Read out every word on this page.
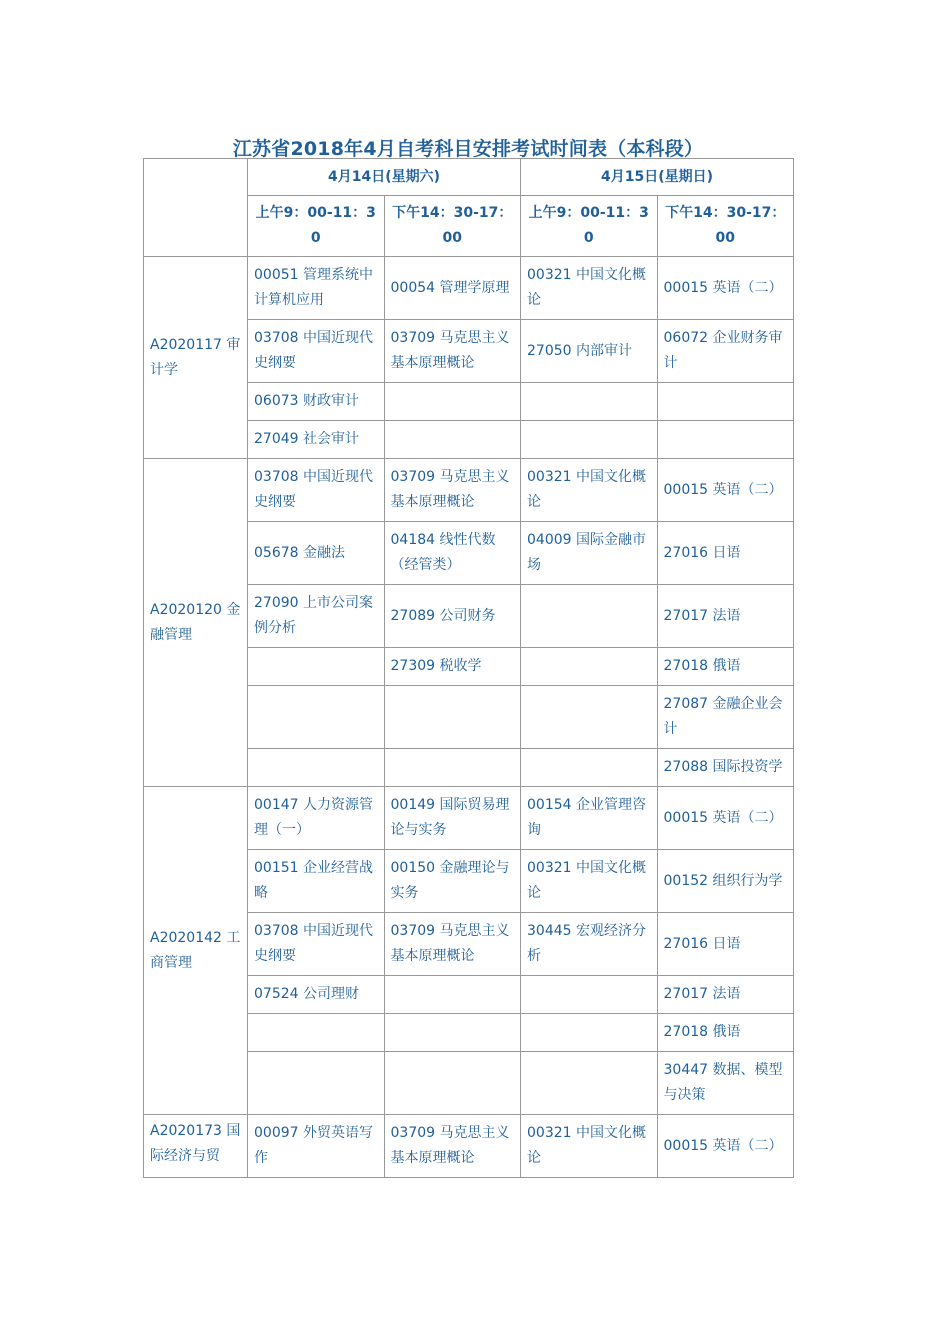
江苏省2018年4月自考科目安排考试时间表（本科段）
	4月14日(星期六)		4月15日(星期日)	
	上午9：00-11：30	下午14：30-17：00	上午9：00-11：30	下午14：30-17：00
A2020117 审计学	00051 管理系统中计算机应用	00054 管理学原理	00321 中国文化概论	00015 英语（二）
	03708 中国近现代史纲要	03709 马克思主义基本原理概论	27050 内部审计	06072 企业财务审计
	06073 财政审计			
	27049 社会审计			
A2020120 金融管理	03708 中国近现代史纲要	03709 马克思主义基本原理概论	00321 中国文化概论	00015 英语（二）
	05678 金融法	04184 线性代数（经管类）	04009 国际金融市场	27016 日语
	27090 上市公司案例分析	27089 公司财务		27017 法语
		27309 税收学		27018 俄语
				27087 金融企业会计
				27088 国际投资学
A2020142 工商管理	00147 人力资源管理（一）	00149 国际贸易理论与实务	00154 企业管理咨询	00015 英语（二）
	00151 企业经营战略	00150 金融理论与实务	00321 中国文化概论	00152 组织行为学
	03708 中国近现代史纲要	03709 马克思主义基本原理概论	30445 宏观经济分析	27016 日语
	07524 公司理财			27017 法语
				27018 俄语
				30447 数据、模型与决策
A2020173 国际经济与贸	00097 外贸英语写作	03709 马克思主义基本原理概论	00321 中国文化概论	00015 英语（二）
